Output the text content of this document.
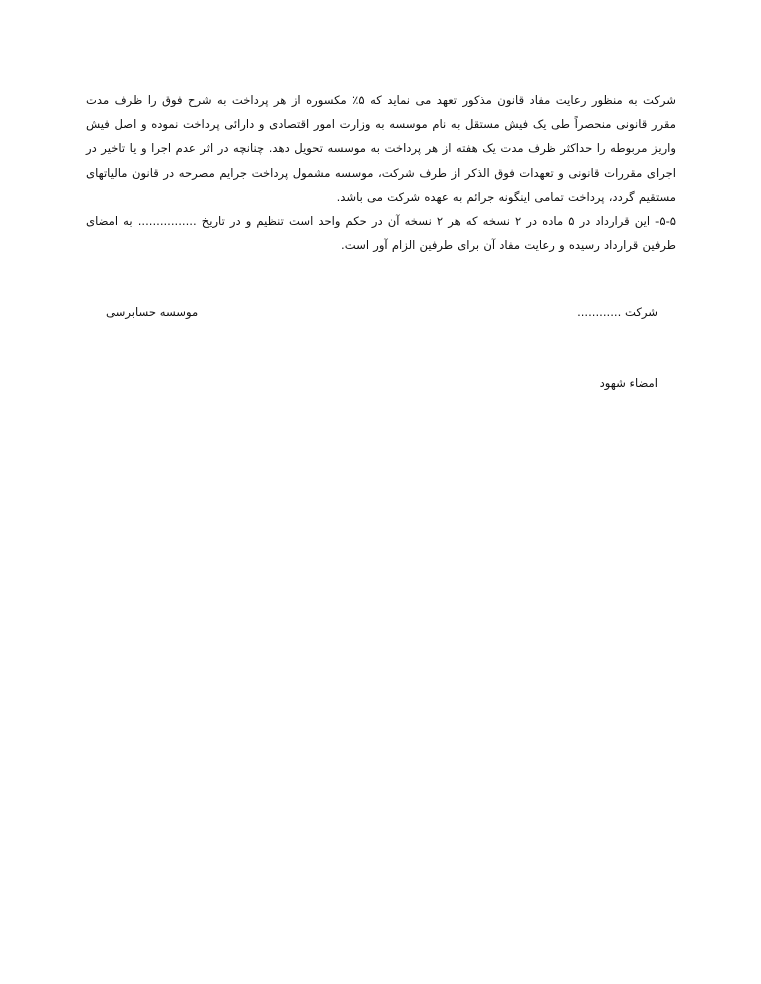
شرکت به منظور رعایت مفاد قانون مذکور تعهد می نماید که ۵٪ مکسوره از هر پرداخت به شرح فوق را ظرف مدت مقرر قانونی منحصراً طی یک فیش مستقل به نام موسسه به وزارت امور اقتصادی و دارائی پرداخت نموده و اصل فیش واریز مربوطه را حداکثر ظرف مدت یک هفته از هر پرداخت به موسسه تحویل دهد. چنانچه در اثر عدم اجرا و یا تاخیر در اجرای مقررات قانونی و تعهدات فوق الذکر از طرف شرکت، موسسه مشمول پرداخت جرایم مصرحه در قانون مالیاتهای مستقیم گردد، پرداخت تمامی اینگونه جرائم به عهده شرکت می باشد.

۵-۵- این قرارداد در ۵ ماده در ۲ نسخه که هر ۲ نسخه آن در حکم واحد است تنظیم و در تاریخ ................ به امضای طرفین قرارداد رسیده و رعایت مفاد آن برای طرفین الزام آور است.

شرکت ............
موسسه حسابرسی
امضاء شهود
